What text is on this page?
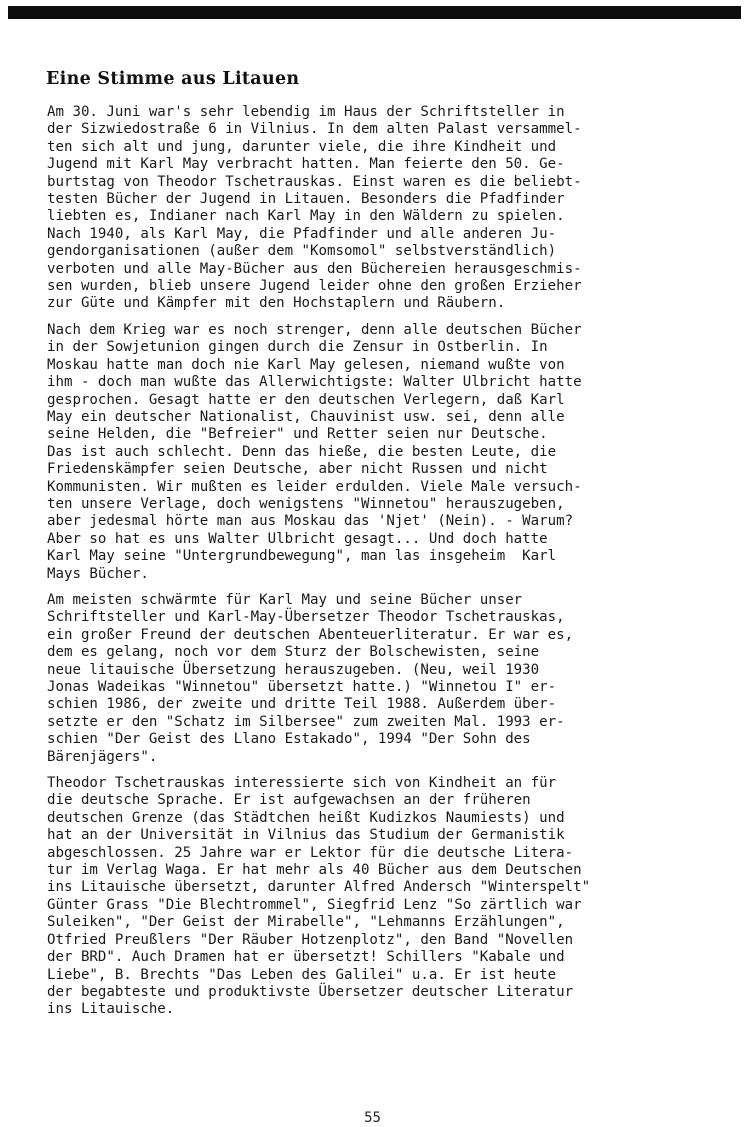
Eine Stimme aus Litauen

Am 30. Juni war's sehr lebendig im Haus der Schriftsteller in
der Sizwiedostraße 6 in Vilnius. In dem alten Palast versammel-
ten sich alt und jung, darunter viele, die ihre Kindheit und
Jugend mit Karl May verbracht hatten. Man feierte den 50. Ge-
burtstag von Theodor Tschetrauskas. Einst waren es die beliebt-
testen Bücher der Jugend in Litauen. Besonders die Pfadfinder
liebten es, Indianer nach Karl May in den Wäldern zu spielen.
Nach 1940, als Karl May, die Pfadfinder und alle anderen Ju-
gendorganisationen (außer dem "Komsomol" selbstverständlich)
verboten und alle May-Bücher aus den Büchereien herausgeschmis-
sen wurden, blieb unsere Jugend leider ohne den großen Erzieher
zur Güte und Kämpfer mit den Hochstaplern und Räubern.

Nach dem Krieg war es noch strenger, denn alle deutschen Bücher
in der Sowjetunion gingen durch die Zensur in Ostberlin. In
Moskau hatte man doch nie Karl May gelesen, niemand wußte von
ihm - doch man wußte das Allerwichtigste: Walter Ulbricht hatte
gesprochen. Gesagt hatte er den deutschen Verlegern, daß Karl
May ein deutscher Nationalist, Chauvinist usw. sei, denn alle
seine Helden, die "Befreier" und Retter seien nur Deutsche.
Das ist auch schlecht. Denn das hieße, die besten Leute, die
Friedenskämpfer seien Deutsche, aber nicht Russen und nicht
Kommunisten. Wir mußten es leider erdulden. Viele Male versuch-
ten unsere Verlage, doch wenigstens "Winnetou" herauszugeben,
aber jedesmal hörte man aus Moskau das 'Njet' (Nein). - Warum?
Aber so hat es uns Walter Ulbricht gesagt... Und doch hatte
Karl May seine "Untergrundbewegung", man las insgeheim  Karl
Mays Bücher.

Am meisten schwärmte für Karl May und seine Bücher unser
Schriftsteller und Karl-May-Übersetzer Theodor Tschetrauskas,
ein großer Freund der deutschen Abenteuerliteratur. Er war es,
dem es gelang, noch vor dem Sturz der Bolschewisten, seine
neue litauische Übersetzung herauszugeben. (Neu, weil 1930
Jonas Wadeikas "Winnetou" übersetzt hatte.) "Winnetou I" er-
schien 1986, der zweite und dritte Teil 1988. Außerdem über-
setzte er den "Schatz im Silbersee" zum zweiten Mal. 1993 er-
schien "Der Geist des Llano Estakado", 1994 "Der Sohn des
Bärenjägers".

Theodor Tschetrauskas interessierte sich von Kindheit an für
die deutsche Sprache. Er ist aufgewachsen an der früheren
deutschen Grenze (das Städtchen heißt Kudizkos Naumiests) und
hat an der Universität in Vilnius das Studium der Germanistik
abgeschlossen. 25 Jahre war er Lektor für die deutsche Litera-
tur im Verlag Waga. Er hat mehr als 40 Bücher aus dem Deutschen
ins Litauische übersetzt, darunter Alfred Andersch "Winterspelt"
Günter Grass "Die Blechtrommel", Siegfrid Lenz "So zärtlich war
Suleiken", "Der Geist der Mirabelle", "Lehmanns Erzählungen",
Otfried Preußlers "Der Räuber Hotzenplotz", den Band "Novellen
der BRD". Auch Dramen hat er übersetzt! Schillers "Kabale und
Liebe", B. Brechts "Das Leben des Galilei" u.a. Er ist heute
der begabteste und produktivste Übersetzer deutscher Literatur
ins Litauische.

55
